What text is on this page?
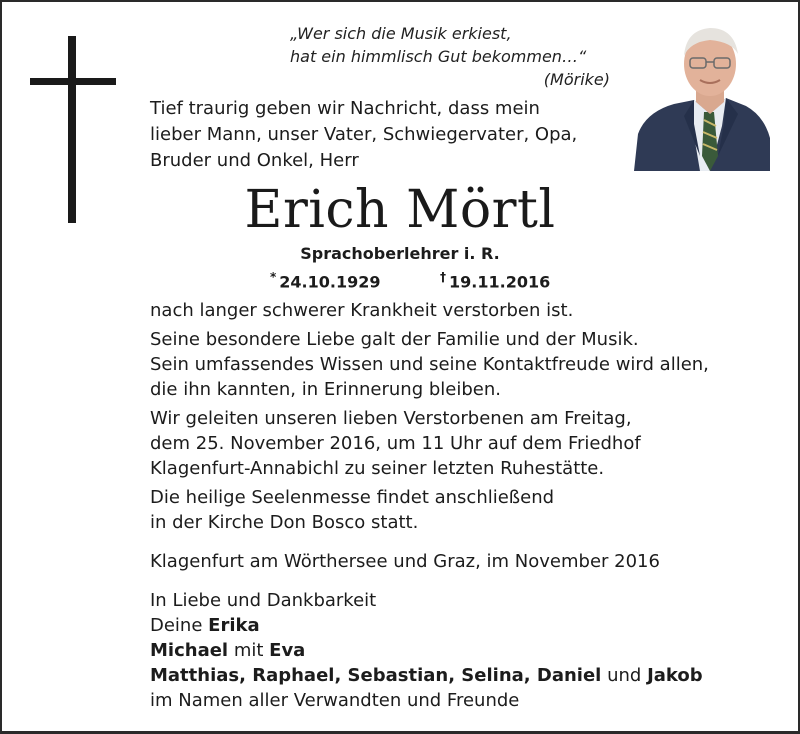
„Wer sich die Musik erkiest,
hat ein himmlisch Gut bekommen…“
(Mörike)
Tief traurig geben wir Nachricht, dass mein
lieber Mann, unser Vater, Schwiegervater, Opa,
Bruder und Onkel, Herr
Erich Mörtl
Sprachoberlehrer i. R.
* 24.10.1929	† 19.11.2016
nach langer schwerer Krankheit verstorben ist.
Seine besondere Liebe galt der Familie und der Musik.
Sein umfassendes Wissen und seine Kontaktfreude wird allen,
die ihn kannten, in Erinnerung bleiben.
Wir geleiten unseren lieben Verstorbenen am Freitag,
dem 25. November 2016, um 11 Uhr auf dem Friedhof
Klagenfurt-Annabichl zu seiner letzten Ruhestätte.
Die heilige Seelenmesse findet anschließend
in der Kirche Don Bosco statt.
Klagenfurt am Wörthersee und Graz, im November 2016
In Liebe und Dankbarkeit
Deine Erika
Michael mit Eva
Matthias, Raphael, Sebastian, Selina, Daniel und Jakob
im Namen aller Verwandten und Freunde
